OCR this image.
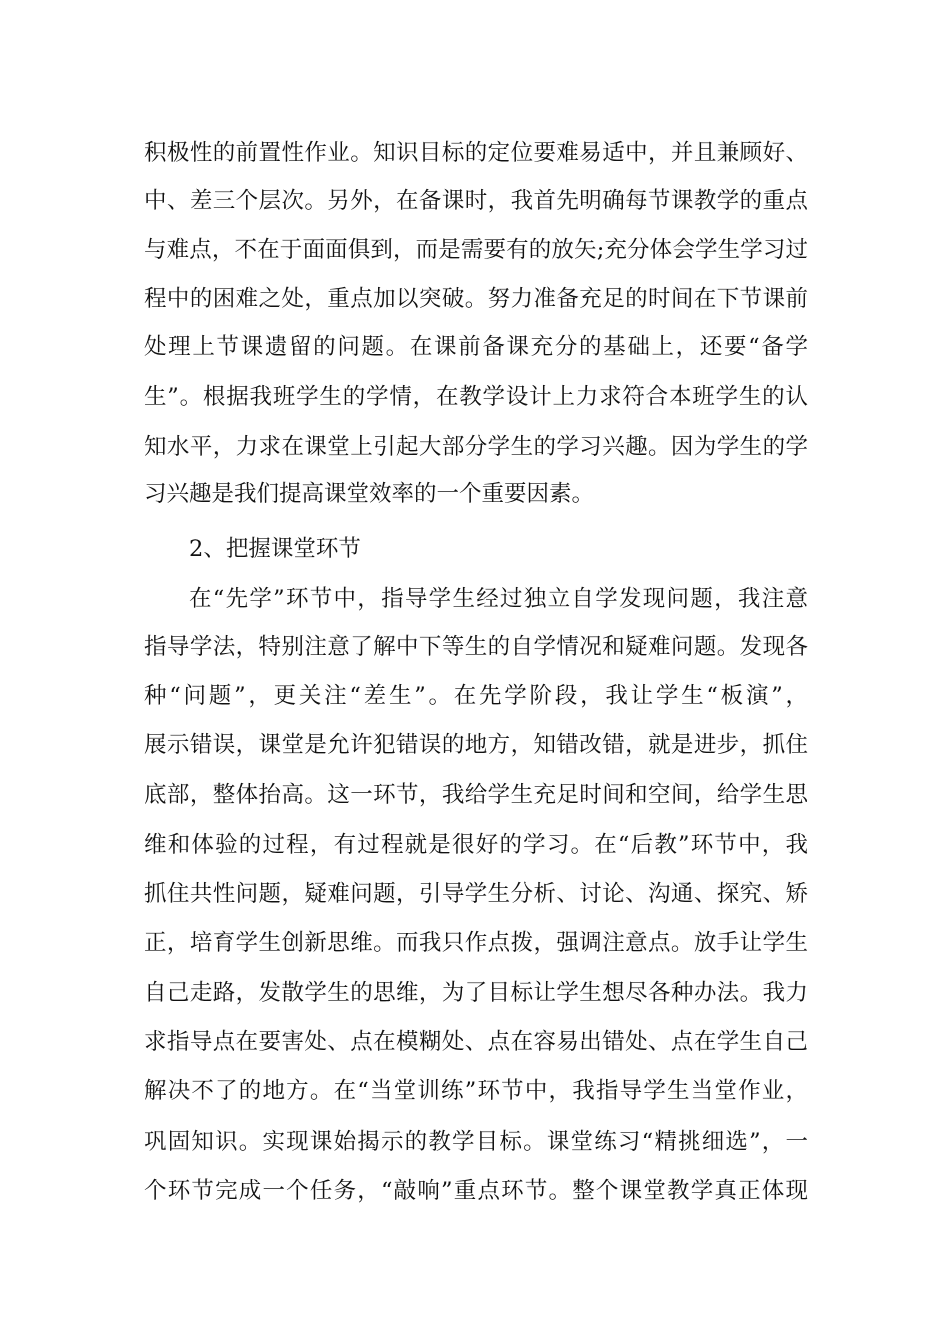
积极性的前置性作业。知识目标的定位要难易适中，并且兼顾好、
中、差三个层次。另外，在备课时，我首先明确每节课教学的重点
与难点，不在于面面俱到，而是需要有的放矢;充分体会学生学习过
程中的困难之处，重点加以突破。努力准备充足的时间在下节课前
处理上节课遗留的问题。在课前备课充分的基础上，还要“备学
生”。根据我班学生的学情，在教学设计上力求符合本班学生的认
知水平，力求在课堂上引起大部分学生的学习兴趣。因为学生的学
习兴趣是我们提高课堂效率的一个重要因素。
2、把握课堂环节
在“先学”环节中，指导学生经过独立自学发现问题，我注意
指导学法，特别注意了解中下等生的自学情况和疑难问题。发现各
种“问题”，更关注“差生”。在先学阶段，我让学生“板演”，
展示错误，课堂是允许犯错误的地方，知错改错，就是进步，抓住
底部，整体抬高。这一环节，我给学生充足时间和空间，给学生思
维和体验的过程，有过程就是很好的学习。在“后教”环节中，我
抓住共性问题，疑难问题，引导学生分析、讨论、沟通、探究、矫
正，培育学生创新思维。而我只作点拨，强调注意点。放手让学生
自己走路，发散学生的思维，为了目标让学生想尽各种办法。我力
求指导点在要害处、点在模糊处、点在容易出错处、点在学生自己
解决不了的地方。在“当堂训练”环节中，我指导学生当堂作业，
巩固知识。实现课始揭示的教学目标。课堂练习“精挑细选”，一
个环节完成一个任务，“敲响”重点环节。整个课堂教学真正体现
